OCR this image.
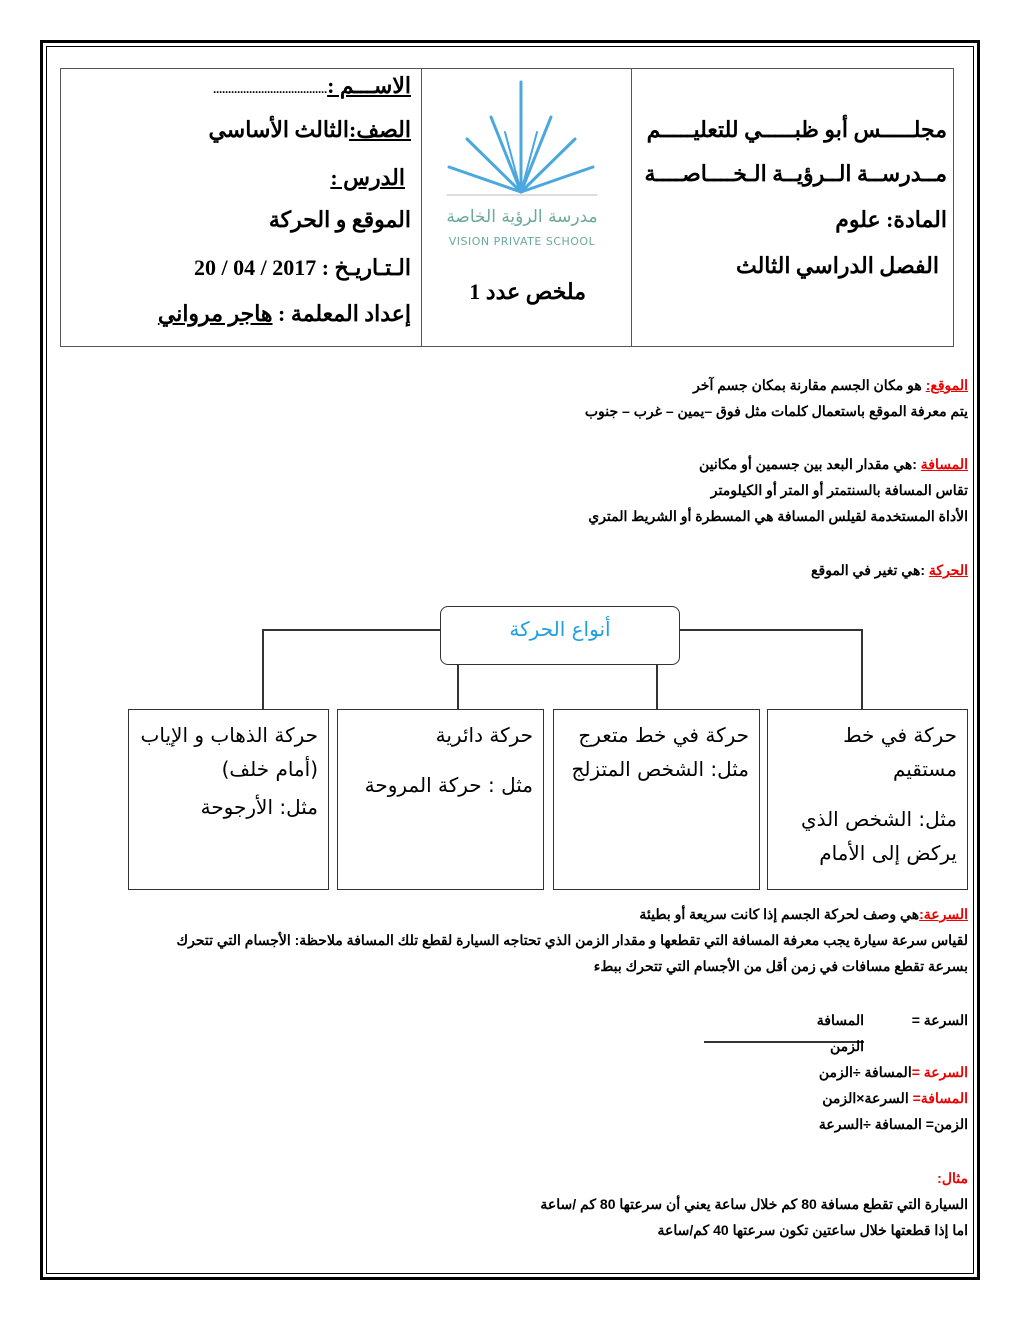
الاســـم :......................................
الصف:الثالث الأساسي
الدرس :
الموقع و الحركة
الـتـاريـخ : 20 / 04 / 2017
إعداد المعلمة : هاجر مرواني
مدرسة الرؤية الخاصة
VISION PRIVATE SCHOOL
ملخص عدد 1
مجلـــــس أبو ظبـــــي للتعليـــــم
مــدرســة الــرؤيــة الـخــــاصــــة
المادة: علوم
الفصل الدراسي الثالث
الموقع: هو مكان الجسم مقارنة بمكان جسم آخر
يتم معرفة الموقع باستعمال كلمات مثل فوق –يمين – غرب – جنوب
المسافة :هي مقدار البعد بين جسمين أو مكانين
تقاس المسافة بالسنتمتر أو المتر أو الكيلومتر
الأداة المستخدمة لقيلس المسافة هي المسطرة أو الشريط المتري
الحركة :هي تغير في الموقع
أنواع الحركة
حركة في خط مستقيم
مثل: الشخص الذي يركض إلى الأمام
حركة في خط متعرج
مثل: الشخص المتزلج
حركة دائرية
مثل : حركة المروحة
حركة الذهاب و الإياب (أمام خلف)
مثل: الأرجوحة
السرعة:هي وصف لحركة الجسم إذا كانت سريعة أو بطيئة
لقياس سرعة سيارة يجب معرفة المسافة التي تقطعها و مقدار الزمن الذي تحتاجه السيارة لقطع تلك المسافة ملاحظة: الأجسام التي تتحرك
بسرعة تقطع مسافات في زمن أقل من الأجسام التي تتحرك ببطء
السرعة =
المسافة
الزمن
السرعة =المسافة ÷الزمن
المسافة= السرعة×الزمن
الزمن= المسافة ÷السرعة
مثال:
السيارة التي تقطع مسافة 80 كم خلال ساعة يعني أن سرعتها 80 كم /ساعة
اما إذا قطعتها خلال ساعتين تكون سرعتها 40 كم/ساعة
